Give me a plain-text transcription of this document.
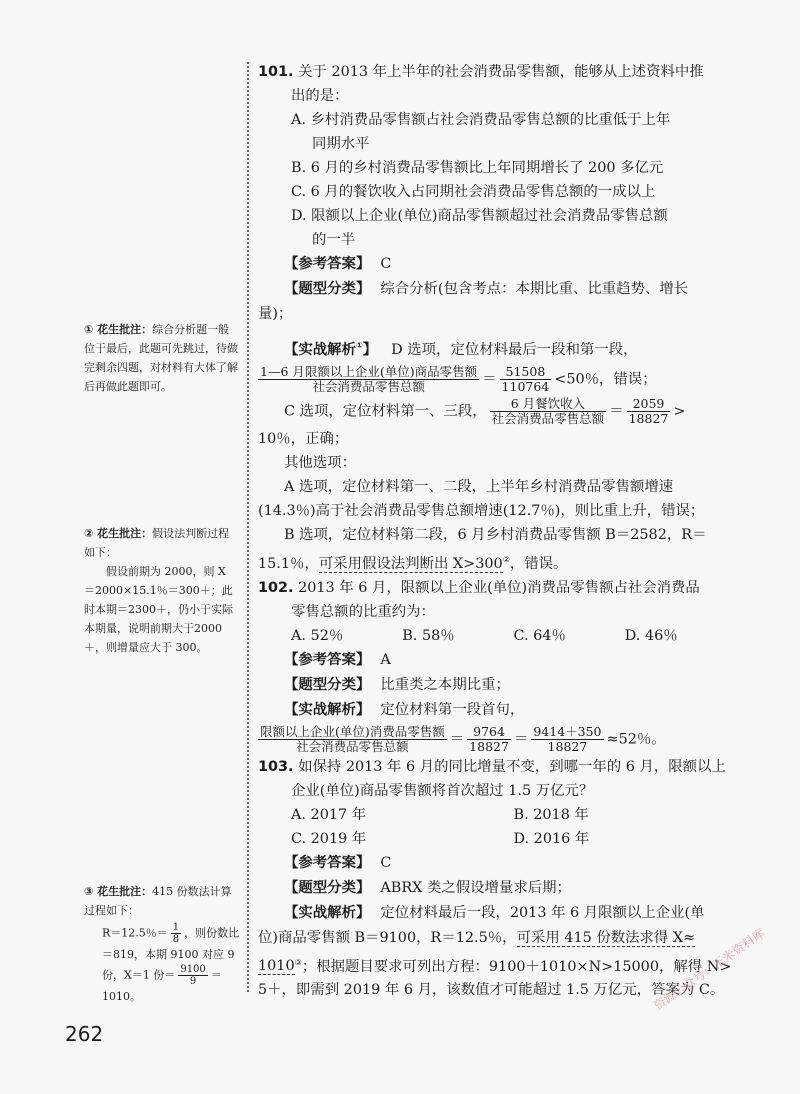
① 花生批注：综合分析题一般位于最后，此题可先跳过，待做完剩余四题，对材料有大体了解后再做此题即可。
② 花生批注：假设法判断过程如下：
假设前期为 2000，则 X ＝2000×15.1％＝300＋；此时本期＝2300＋，仍小于实际本期量，说明前期大于2000＋，则增量应大于 300。
③ 花生批注：415 份数法计算过程如下：
R＝12.5％＝ $\frac{1}{8}$ ，则份数比＝819，本期 9100 对应 9 份，X＝1 份＝ $\frac{9100}{9} =1010$。
101. 关于 2013 年上半年的社会消费品零售额，能够从上述资料中推
出的是：
A. 乡村消费品零售额占社会消费品零售总额的比重低于上年
同期水平
B. 6 月的乡村消费品零售额比上年同期增长了 200 多亿元
C. 6 月的餐饮收入占同期社会消费品零售总额的一成以上
D. 限额以上企业(单位)商品零售额超过社会消费品零售总额
的一半
【参考答案】 C
【题型分类】 综合分析(包含考点：本期比重、比重趋势、增长
量)；
【实战解析①】 D 选项，定位材料最后一段和第一段，
$\frac{\text{1—6 月限额以上企业(单位)商品零售额}}{\text{社会消费品零售总额}} = \frac{51508}{110764} <50$％，错误；
C 选项，定位材料第一、三段， $\frac{\text{6 月餐饮收入}}{\text{社会消费品零售总额}} = \frac{2059}{18827}$ >
10％，正确；
其他选项：
A 选项，定位材料第一、二段，上半年乡村消费品零售额增速
(14.3％)高于社会消费品零售总额增速(12.7％)，则比重上升，错误；
B 选项，定位材料第二段，6 月乡村消费品零售额 B＝2582，R＝
15.1％，可采用假设法判断出 X>300②，错误。
102. 2013 年 6 月，限额以上企业(单位)消费品零售额占社会消费品
零售总额的比重约为：
A. 52％	B. 58％	C. 64％	D. 46％
【参考答案】 A
【题型分类】 比重类之本期比重；
【实战解析】 定位材料第一段首句，
$\frac{\text{限额以上企业(单位)消费品零售额}}{\text{社会消费品零售总额}} = \frac{9764}{18827} = \frac{9414+350}{18827} \approx 52$％。
103. 如保持 2013 年 6 月的同比增量不变，到哪一年的 6 月，限额以上
企业(单位)商品零售额将首次超过 1.5 万亿元？
A. 2017 年	B. 2018 年
C. 2019 年	D. 2016 年
【参考答案】 C
【题型分类】 ABRX 类之假设增量求后期；
【实战解析】 定位材料最后一段，2013 年 6 月限额以上企业(单
位)商品零售额 B＝9100，R＝12.5％，可采用 415 份数法求得 X≈
1010③；根据题目要求可列出方程：9100＋1010×N>15000，解得 N>
5＋，即需到 2019 年 6 月，该数值才可能超过 1.5 万亿元，答案为 C。
262
资源公众号：玉米资料库
